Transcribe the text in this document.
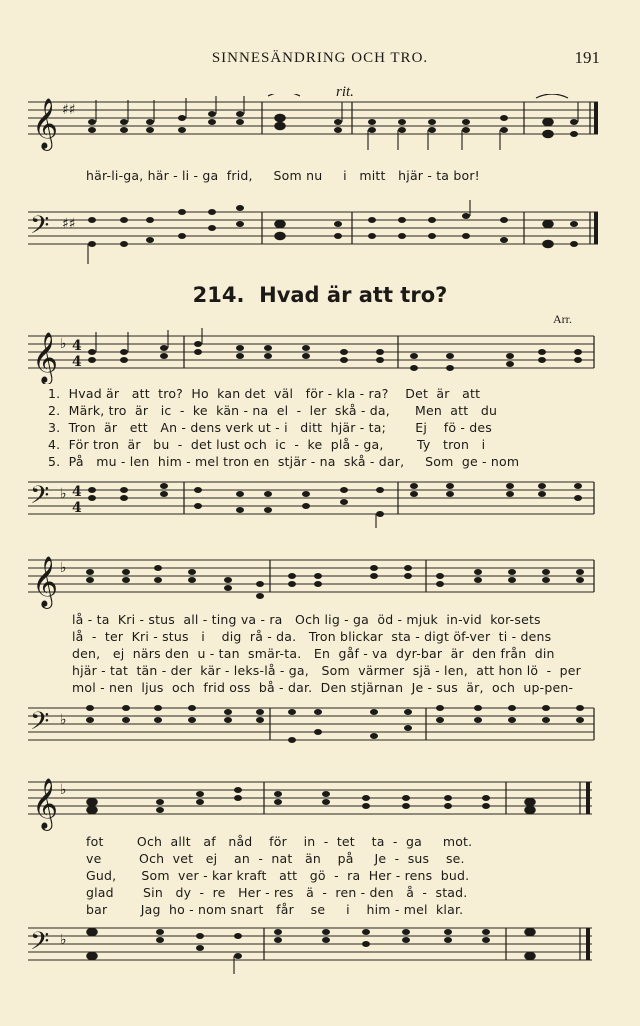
SINNESÄNDRING OCH TRO.	191
rit.
𝄞 ♯♯
här-li-ga, här - li - ga  frid,     Som nu     i   mitt   hjär - ta bor!
𝄢 ♯♯
214. Hvad är att tro?
Arr.
𝄞 ♭ 4
4
1.  Hvad är   att  tro?  Ho  kan det  väl   för - kla - ra?    Det  är   att
2.  Märk, tro  är   ic  -  ke  kän - na  el  -  ler  skå - da,      Men  att   du
3.  Tron  är   ett   An - dens verk ut - i   ditt  hjär - ta;       Ej    fö - des
4.  För tron  är   bu  -  det lust och  ic  -  ke  plå - ga,        Ty   tron   i
5.  På   mu - len  him - mel tron en  stjär - na  skå - dar,     Som  ge - nom
𝄢 ♭ 4
4
𝄞 ♭
lå - ta  Kri - stus  all - ting va - ra   Och lig - ga  öd - mjuk  in-vid  kor-sets
lå  -  ter  Kri - stus   i    dig  rå - da.   Tron blickar  sta - digt öf-ver  ti - dens
den,   ej  närs den  u - tan  smär-ta.   En  gåf - va  dyr-bar  är  den från  din
hjär - tat  tän - der  kär - leks-lå - ga,   Som  värmer  sjä - len,  att hon lö  -  per
mol - nen  ljus  och  frid oss  bå - dar.  Den stjärnan  Je - sus  är,  och  up-pen-
𝄢 ♭
𝄞 ♭
fot        Och  allt   af   nåd    för    in  -  tet    ta  -  ga     mot.
ve         Och  vet   ej    an  -  nat   än    på     Je  -  sus    se.
Gud,      Som  ver - kar kraft   att   gö  -  ra  Her - rens  bud.
glad       Sin   dy  -  re   Her - res   ä  -  ren - den   å  -  stad.
bar        Jag  ho - nom snart   får    se     i    him - mel  klar.
𝄢 ♭
